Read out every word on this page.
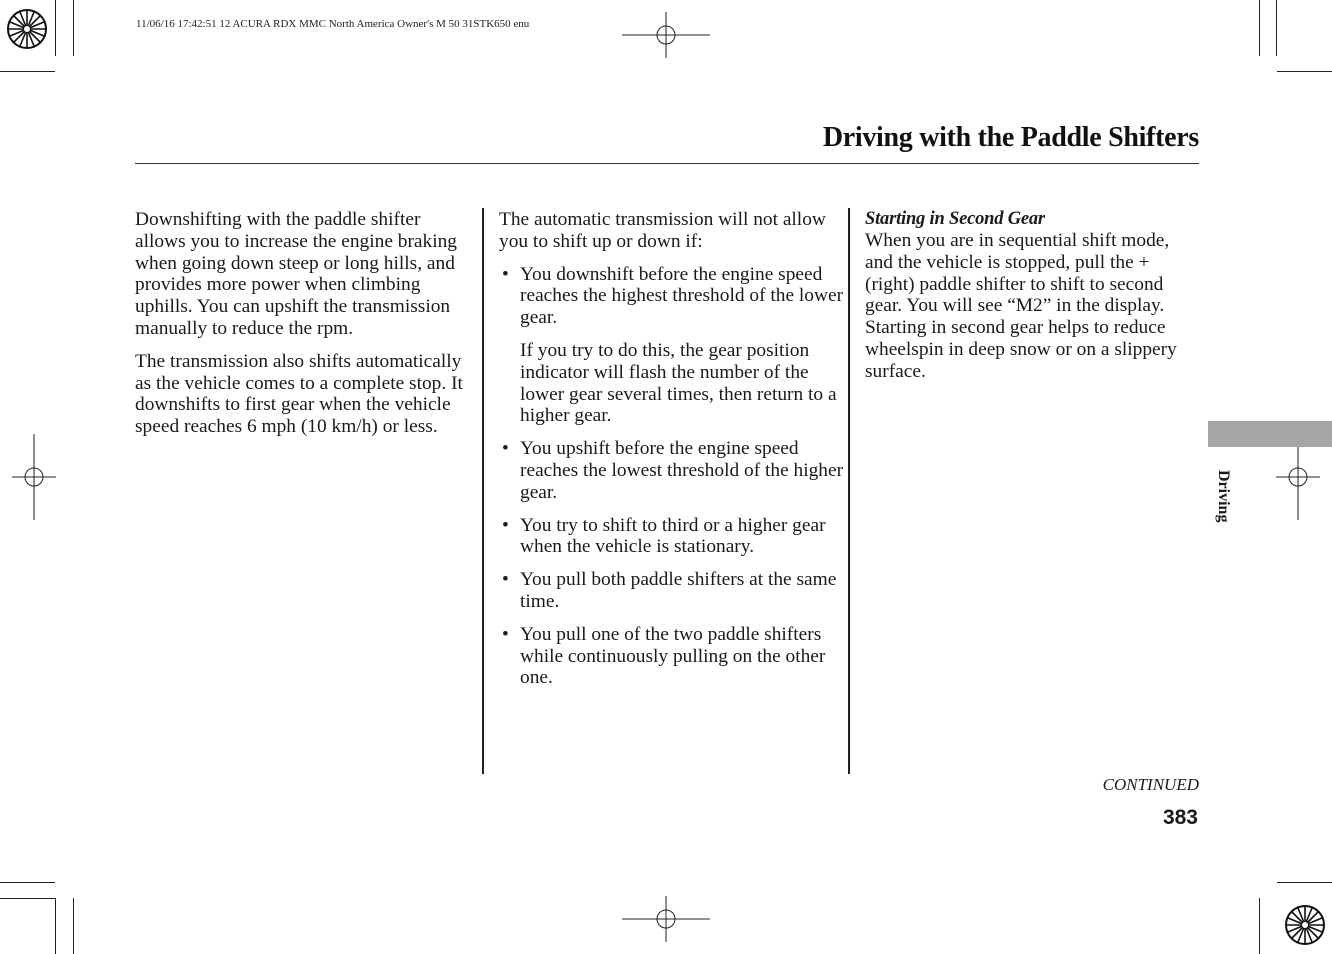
11/06/16 17:42:51 12 ACURA RDX MMC North America Owner's M 50 31STK650 enu
Driving with the Paddle Shifters

Downshifting with the paddle shifter allows you to increase the engine braking when going down steep or long hills, and provides more power when climbing uphills. You can upshift the transmission manually to reduce the rpm.

The transmission also shifts automatically as the vehicle comes to a complete stop. It downshifts to first gear when the vehicle speed reaches 6 mph (10 km/h) or less.

The automatic transmission will not allow you to shift up or down if:

• You downshift before the engine speed reaches the highest threshold of the lower gear.

If you try to do this, the gear position indicator will flash the number of the lower gear several times, then return to a higher gear.

• You upshift before the engine speed reaches the lowest threshold of the higher gear.
• You try to shift to third or a higher gear when the vehicle is stationary.
• You pull both paddle shifters at the same time.
• You pull one of the two paddle shifters while continuously pulling on the other one.
Starting in Second Gear

When you are in sequential shift mode, and the vehicle is stopped, pull the + (right) paddle shifter to shift to second gear. You will see “M2” in the display. Starting in second gear helps to reduce wheelspin in deep snow or on a slippery surface.

Driving
CONTINUED
383
